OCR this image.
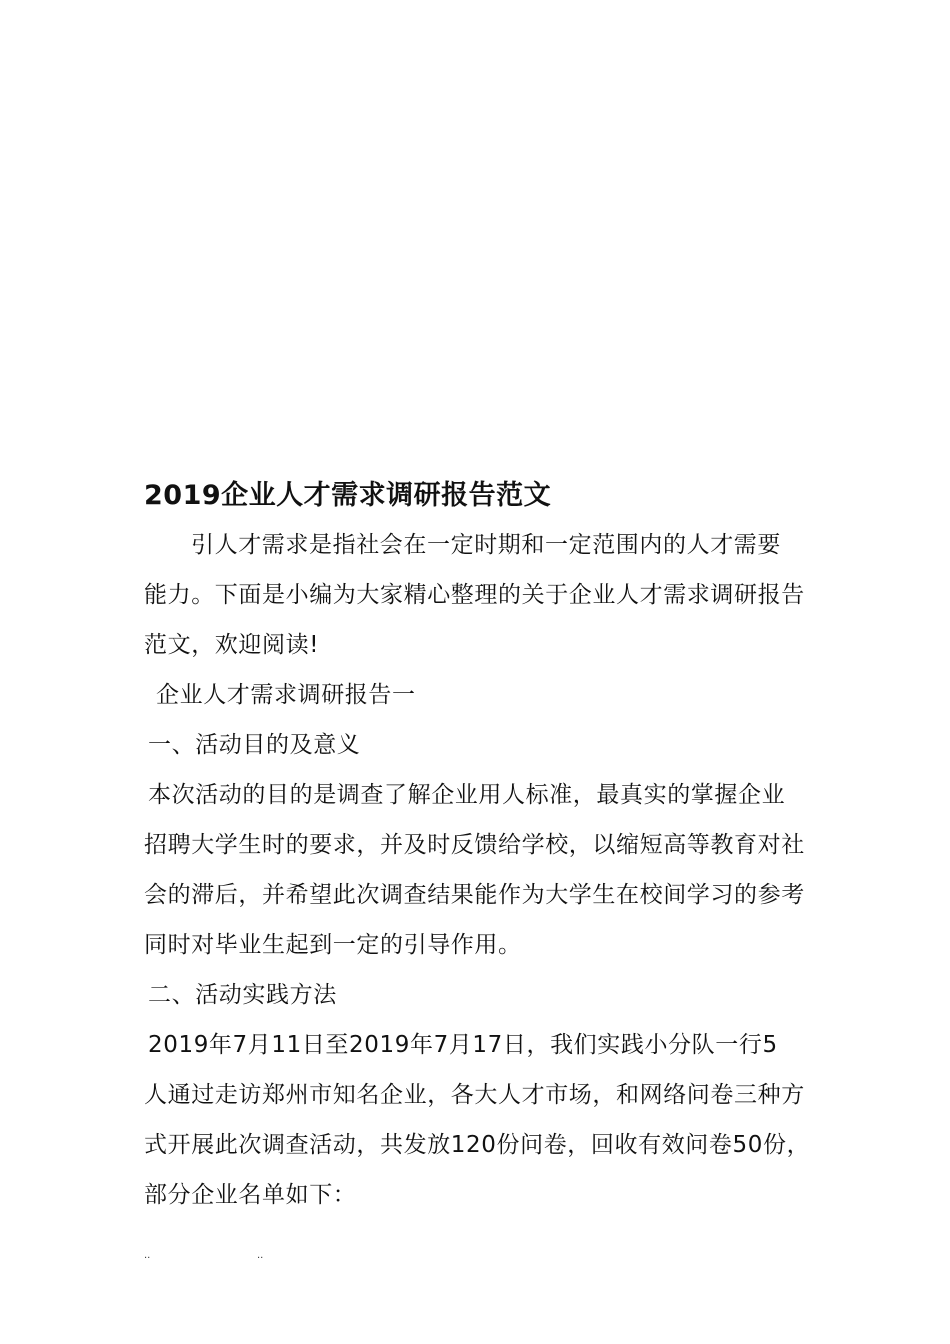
2019企业人才需求调研报告范文
引人才需求是指社会在一定时期和一定范围内的人才需要
能力。下面是小编为大家精心整理的关于企业人才需求调研报告
范文，欢迎阅读!
企业人才需求调研报告一
一、活动目的及意义
本次活动的目的是调查了解企业用人标准，最真实的掌握企业
招聘大学生时的要求，并及时反馈给学校，以缩短高等教育对社
会的滞后，并希望此次调查结果能作为大学生在校间学习的参考
同时对毕业生起到一定的引导作用。
二、活动实践方法
2019年7月11日至2019年7月17日，我们实践小分队一行5
人通过走访郑州市知名企业，各大人才市场，和网络问卷三种方
式开展此次调查活动，共发放120份问卷，回收有效问卷50份，
部分企业名单如下：
..	..
